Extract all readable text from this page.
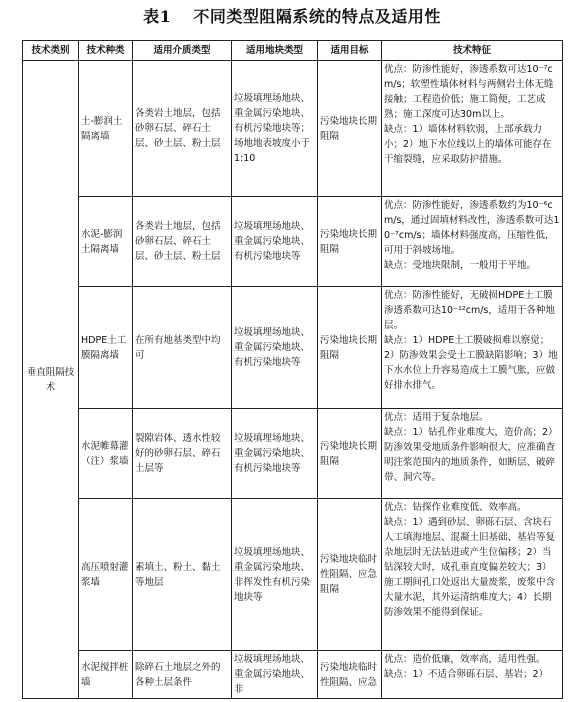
表1 不同类型阻隔系统的特点及适用性
技术类别	技术种类	适用介质类型	适用地块类型	适用目标	技术特征
垂直阻隔技术	土-膨润土隔离墙	各类岩土地层，包括砂卵石层、碎石土层、砂土层、粉土层	垃圾填埋场地块、重金属污染地块、有机污染地块等；场地地表坡度小于1:10	污染地块长期阻隔	优点：防渗性能好，渗透系数可达10⁻⁷cm/s；软塑性墙体材料与两侧岩土体无缝接触；工程造价低；施工简便，工艺成熟；施工深度可达30m以上。

缺点：1）墙体材料软弱，上部承载力小；2）地下水位线以上的墙体可能存在干缩裂缝，应采取防护措施。

	水泥-膨润土隔离墙	各类岩土地层，包括砂卵石层、碎石土层、砂土层、粉土层	垃圾填埋场地块、重金属污染地块、有机污染地块等	污染地块长期阻隔	优点：防渗性能好，渗透系数约为10⁻⁶cm/s，通过固填材料改性，渗透系数可达10⁻⁷cm/s；墙体材料强度高，压缩性低，可用于斜坡场地。

缺点：受地块限制，一般用于平地。

	HDPE土工膜隔离墙	在所有地基类型中均可	垃圾填埋场地块、重金属污染地块、有机污染地块等	污染地块长期阻隔	优点：防渗性能好，无破损HDPE土工膜渗透系数可达10⁻¹²cm/s，适用于各种地层。

缺点：1）HDPE土工膜破损难以察觉；2）防渗效果会受土工膜缺陷影响；3）地下水水位上升容易造成土工膜气胀，应做好排水排气。

	水泥帷幕灌（注）浆墙	裂隙岩体、透水性较好的砂卵石层、碎石土层等	垃圾填埋场地块、重金属污染地块、有机污染地块等	污染地块长期阻隔	优点：适用于复杂地层。

缺点：1）钻孔作业难度大，造价高；2）防渗效果受地质条件影响很大，应准确查明注浆范围内的地质条件，如断层、破碎带、洞穴等。

	高压喷射灌浆墙	素填土、粉土、黏土等地层	垃圾填埋场地块、重金属污染地块、非挥发性有机污染地块等	污染地块临时性阻隔、应急阻隔	优点：钻探作业难度低、效率高。

缺点：1）遇到砂层、卵砾石层、含块石人工填海地层、混凝土旧基础、基岩等复杂地层时无法钻进或产生位偏移；2）当钻深较大时，成孔垂直度偏差较大；3）施工期间孔口处返出大量废浆，废浆中含大量水泥，其外运清纳难度大；4）长期防渗效果不能得到保证。

	水泥搅拌桩墙	除碎石土地层之外的各种土层条件	垃圾填埋场地块、重金属污染地块、非	污染地块临时性阻隔、应急	优点：造价低廉，效率高，适用性强。

缺点：1）不适合卵砾石层、基岩；2）
